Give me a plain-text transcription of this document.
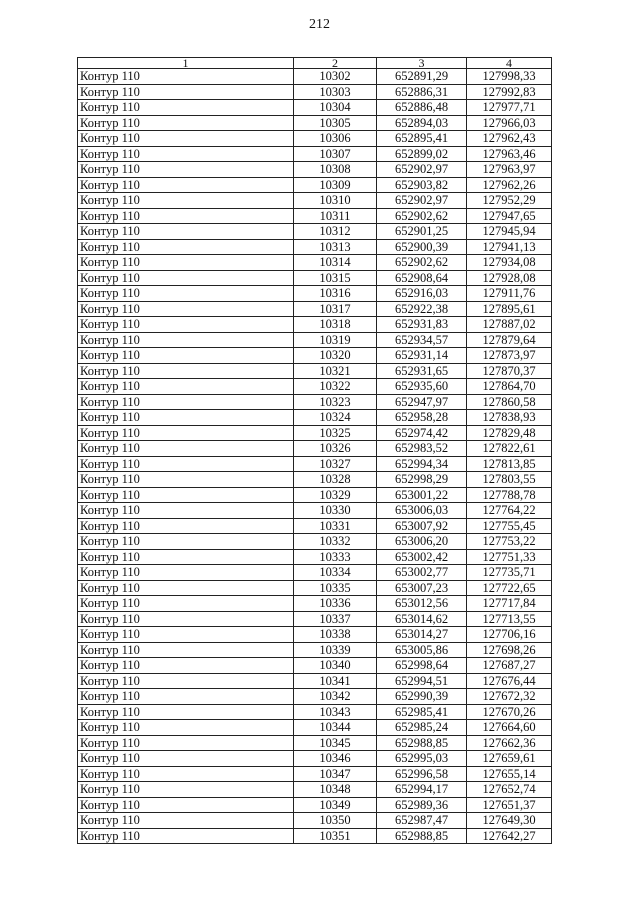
212
1	2	3	4
Контур 110	10302	652891,29	127998,33
Контур 110	10303	652886,31	127992,83
Контур 110	10304	652886,48	127977,71
Контур 110	10305	652894,03	127966,03
Контур 110	10306	652895,41	127962,43
Контур 110	10307	652899,02	127963,46
Контур 110	10308	652902,97	127963,97
Контур 110	10309	652903,82	127962,26
Контур 110	10310	652902,97	127952,29
Контур 110	10311	652902,62	127947,65
Контур 110	10312	652901,25	127945,94
Контур 110	10313	652900,39	127941,13
Контур 110	10314	652902,62	127934,08
Контур 110	10315	652908,64	127928,08
Контур 110	10316	652916,03	127911,76
Контур 110	10317	652922,38	127895,61
Контур 110	10318	652931,83	127887,02
Контур 110	10319	652934,57	127879,64
Контур 110	10320	652931,14	127873,97
Контур 110	10321	652931,65	127870,37
Контур 110	10322	652935,60	127864,70
Контур 110	10323	652947,97	127860,58
Контур 110	10324	652958,28	127838,93
Контур 110	10325	652974,42	127829,48
Контур 110	10326	652983,52	127822,61
Контур 110	10327	652994,34	127813,85
Контур 110	10328	652998,29	127803,55
Контур 110	10329	653001,22	127788,78
Контур 110	10330	653006,03	127764,22
Контур 110	10331	653007,92	127755,45
Контур 110	10332	653006,20	127753,22
Контур 110	10333	653002,42	127751,33
Контур 110	10334	653002,77	127735,71
Контур 110	10335	653007,23	127722,65
Контур 110	10336	653012,56	127717,84
Контур 110	10337	653014,62	127713,55
Контур 110	10338	653014,27	127706,16
Контур 110	10339	653005,86	127698,26
Контур 110	10340	652998,64	127687,27
Контур 110	10341	652994,51	127676,44
Контур 110	10342	652990,39	127672,32
Контур 110	10343	652985,41	127670,26
Контур 110	10344	652985,24	127664,60
Контур 110	10345	652988,85	127662,36
Контур 110	10346	652995,03	127659,61
Контур 110	10347	652996,58	127655,14
Контур 110	10348	652994,17	127652,74
Контур 110	10349	652989,36	127651,37
Контур 110	10350	652987,47	127649,30
Контур 110	10351	652988,85	127642,27
